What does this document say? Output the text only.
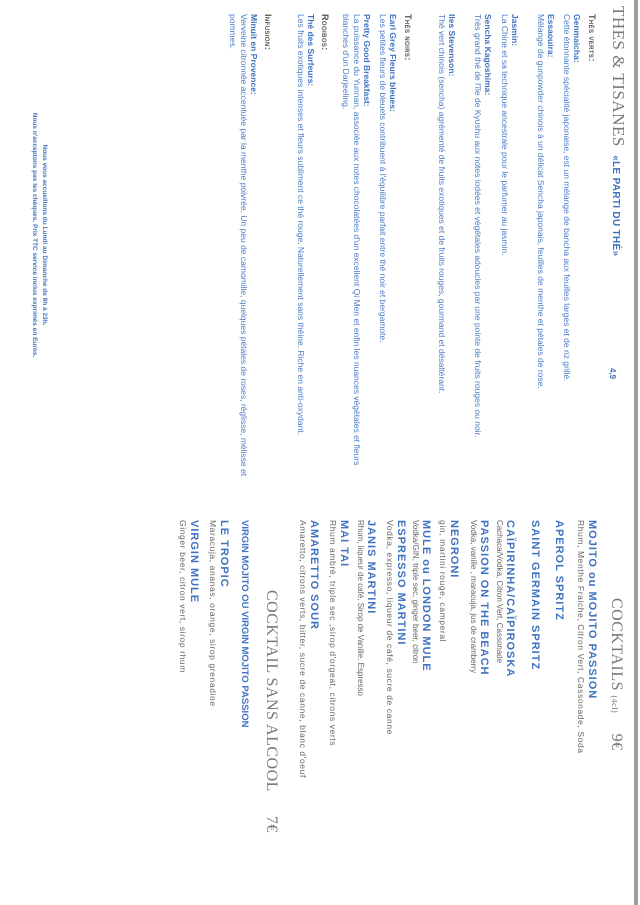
THES & TISANES «LE PARTI DU THÉ»
4,9
Thés verts:
Genmaicha:
Cette étonnante spécialité japonaise, est un mélange de bancha aux feuilles larges et de riz grillé.
Essaouira:
Mélange de gunpowder chinois à un délicat Sencha japonais, feuilles de menthe et pétales de rose.
Jasmin:
La Chine et sa technique ancestrale pour le parfumer au jasmin.
Sencha Kagoshima:
Très grand thé de l'île de Kyushu aux notes iodées et végétales adoucies par une pointe de fruits rouges ou noir.
Iles Stevenson:
Thé vert chinois (sencha) agrémenté de fruits exotiques et de fruits rouges, gourmand et désaltérant.
Thés noirs:
Earl Grey Fleurs bleues:
Les petites fleurs de bleuets contribuent à l'équilibre parfait entre thé noir et bergamote.
Pretty Good Breakfast:
La puissance du Yunnan, associée aux notes chocolatées d'un excellent Qi Men et enfin les nuances végétales et fleurs blanches d'un Darjeeling.
Rooibos:
Thé des Surfeurs:
Les fruits exotiques intenses et fleurs subliment ce thé rouge. Naturellement sans théine. Riche en anti-oxydant.
Infusion:
Minuit en Provence:
Verveine citronnée accentuée par la menthe poivrée. Un peu de camomille, quelques pétales de roses, réglisse, mélisse et pommes.
Nous vous accueillons du Lundi au Dimanche de 8h à 23h.
Nous n'acceptons pas les chèques. Prix TTC service inclus exprimés en Euros.
COCKTAILS (4cl) 9€
MOJITO ou MOJITO PASSION
Rhum, Menthe Fraiche, Citron Vert, Cassonade, Soda
APEROL SPRITZ
SAINT GERMAIN SPRITZ
CAÏPIRINHA/CAÏPIROSKA
Cachaca/Vodka, Citron Vert, Cassonade
PASSION ON THE BEACH
Vodka, vanille , maracuja, jus de cramberry
NEGRONI
gin, martini rouge, camperal
MULE ou LONDON MULE
Vodka/GIN, triple sec, ginger beer, citron
ESPRESSO MARTINI
Vodka, expresso, liqueur de café, sucre de canne
JANIS MARTINI
Rhum, liqueur de café, Sirop de Vanille, Espresso
MAI TAI
Rhum ambré, triple sec ,sirop d'orgeat, citrons verts
AMARETTO SOUR
Amaretto, citrons verts, bitter, sucre de canne, blanc d'oeuf
COCKTAIL SANS ALCOOL 7€
VIRGIN MOJITO OU VIRGIN MOJITO PASSION
LE TROPIC
Maracuja, ananas, orange, sirop grenadine
VIRGIN MULE
Ginger beer, citron vert, sirop rhum
